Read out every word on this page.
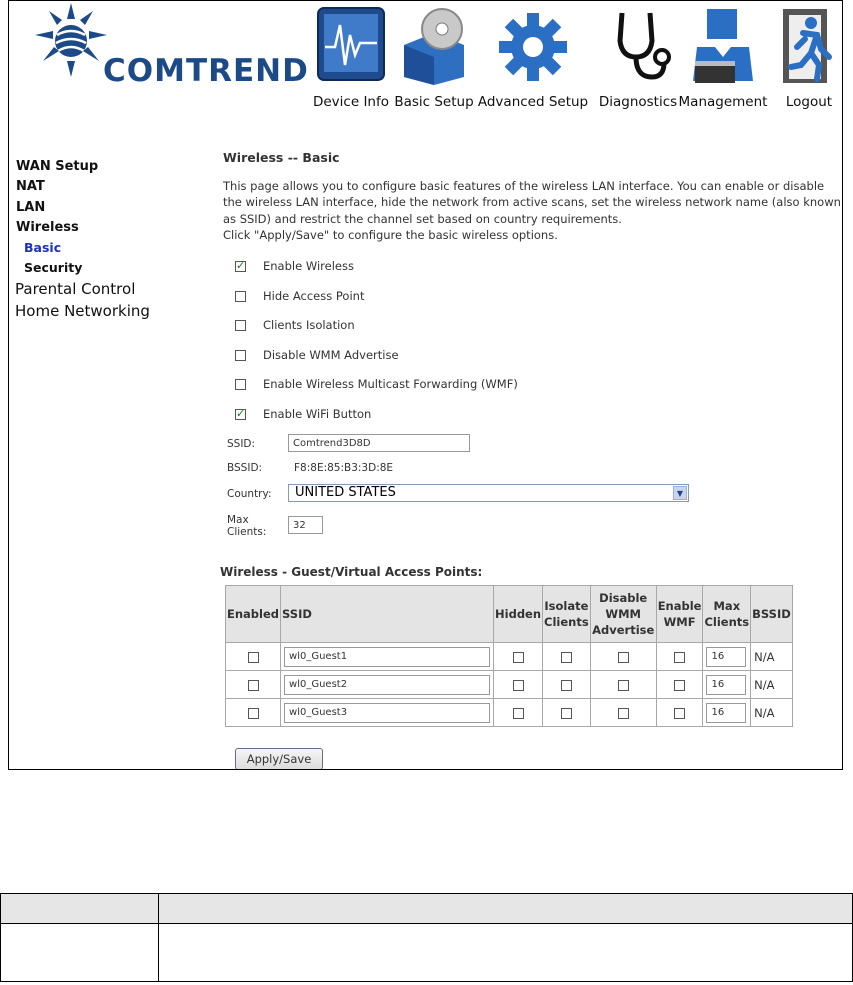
COMTREND
Device Info Basic Setup Advanced Setup Diagnostics Management	Logout
WAN Setup
NAT
LAN
Wireless
Basic
Security
Parental Control
Home Networking
Wireless -- Basic
This page allows you to configure basic features of the wireless LAN interface. You can enable or disable the wireless LAN interface, hide the network from active scans, set the wireless network name (also known as SSID) and restrict the channel set based on country requirements.
Click "Apply/Save" to configure the basic wireless options.
✓
Enable Wireless
Hide Access Point
Clients Isolation
Disable WMM Advertise
Enable Wireless Multicast Forwarding (WMF)
✓
Enable WiFi Button
SSID:
Comtrend3D8D
BSSID:	F8:8E:85:B3:3D:8E
Country: UNITED STATES	▼
Max Clients:
32
Wireless - Guest/Virtual Access Points:
Enabled	SSID	Hidden	Isolate Clients	Disable WMM Advertise	Enable WMF	Max Clients	BSSID
	wl0_Guest1					16	N/A
	wl0_Guest2					16	N/A
	wl0_Guest3					16	N/A
Apply/Save
